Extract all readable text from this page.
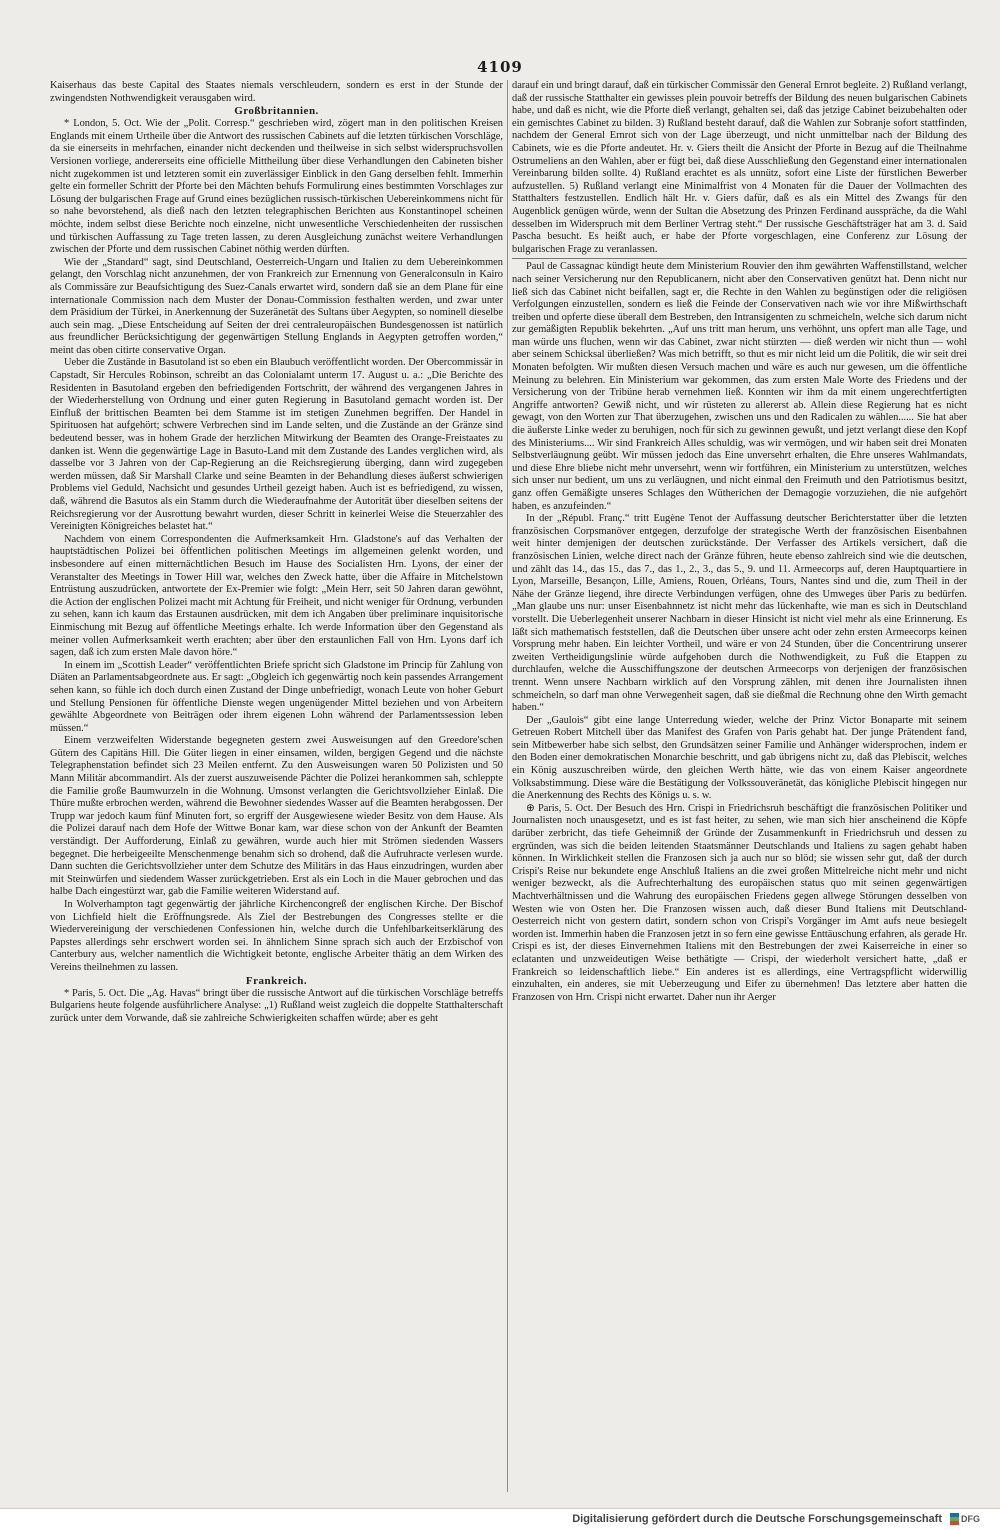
4109

Kaiserhaus das beste Capital des Staates niemals verschleudern, sondern es erst in der Stunde der zwingendsten Nothwendigkeit verausgaben wird.

Großbritannien.

* London, 5. Oct. Wie der „Polit. Corresp.“ geschrieben wird, zögert man in den politischen Kreisen Englands mit einem Urtheile über die Antwort des russischen Cabinets auf die letzten türkischen Vorschläge, da sie einerseits in mehrfachen, einander nicht deckenden und theilweise in sich selbst widerspruchsvollen Versionen vorliege, andererseits eine officielle Mittheilung über diese Verhandlungen den Cabineten bisher nicht zugekommen ist und letzteren somit ein zuverlässiger Einblick in den Gang derselben fehlt. Immerhin gelte ein formeller Schritt der Pforte bei den Mächten behufs Formulirung eines bestimmten Vorschlages zur Lösung der bulgarischen Frage auf Grund eines bezüglichen russisch-türkischen Uebereinkommens nicht für so nahe bevorstehend, als dieß nach den letzten telegraphischen Berichten aus Konstantinopel scheinen möchte, indem selbst diese Berichte noch einzelne, nicht unwesentliche Verschiedenheiten der russischen und türkischen Auffassung zu Tage treten lassen, zu deren Ausgleichung zunächst weitere Verhandlungen zwischen der Pforte und dem russischen Cabinet nöthig werden dürften.

Wie der „Standard“ sagt, sind Deutschland, Oesterreich-Ungarn und Italien zu dem Uebereinkommen gelangt, den Vorschlag nicht anzunehmen, der von Frankreich zur Ernennung von Generalconsuln in Kairo als Commissäre zur Beaufsichtigung des Suez-Canals erwartet wird, sondern daß sie an dem Plane für eine internationale Commission nach dem Muster der Donau-Commission festhalten werden, und zwar unter dem Präsidium der Türkei, in Anerkennung der Suzeränetät des Sultans über Aegypten, so nominell dieselbe auch sein mag. „Diese Entscheidung auf Seiten der drei centraleuropäischen Bundesgenossen ist natürlich aus freundlicher Berücksichtigung der gegenwärtigen Stellung Englands in Aegypten getroffen worden,“ meint das oben citirte conservative Organ.

Ueber die Zustände in Basutoland ist so eben ein Blaubuch veröffentlicht worden. Der Obercommissär in Capstadt, Sir Hercules Robinson, schreibt an das Colonialamt unterm 17. August u. a.: „Die Berichte des Residenten in Basutoland ergeben den befriedigenden Fortschritt, der während des vergangenen Jahres in der Wiederherstellung von Ordnung und einer guten Regierung in Basutoland gemacht worden ist. Der Einfluß der brittischen Beamten bei dem Stamme ist im stetigen Zunehmen begriffen. Der Handel in Spirituosen hat aufgehört; schwere Verbrechen sind im Lande selten, und die Zustände an der Gränze sind bedeutend besser, was in hohem Grade der herzlichen Mitwirkung der Beamten des Orange-Freistaates zu danken ist. Wenn die gegenwärtige Lage in Basuto-Land mit dem Zustande des Landes verglichen wird, als dasselbe vor 3 Jahren von der Cap-Regierung an die Reichsregierung überging, dann wird zugegeben werden müssen, daß Sir Marshall Clarke und seine Beamten in der Behandlung dieses äußerst schwierigen Problems viel Geduld, Nachsicht und gesundes Urtheil gezeigt haben. Auch ist es befriedigend, zu wissen, daß, während die Basutos als ein Stamm durch die Wiederaufnahme der Autorität über dieselben seitens der Reichsregierung vor der Ausrottung bewahrt wurden, dieser Schritt in keinerlei Weise die Steuerzahler des Vereinigten Königreiches belastet hat.“

Nachdem von einem Correspondenten die Aufmerksamkeit Hrn. Gladstone's auf das Verhalten der hauptstädtischen Polizei bei öffentlichen politischen Meetings im allgemeinen gelenkt worden, und insbesondere auf einen mitternächtlichen Besuch im Hause des Socialisten Hrn. Lyons, der einer der Veranstalter des Meetings in Tower Hill war, welches den Zweck hatte, über die Affaire in Mitchelstown Entrüstung auszudrücken, antwortete der Ex-Premier wie folgt: „Mein Herr, seit 50 Jahren daran gewöhnt, die Action der englischen Polizei macht mit Achtung für Freiheit, und nicht weniger für Ordnung, verbunden zu sehen, kann ich kaum das Erstaunen ausdrücken, mit dem ich Angaben über preliminare inquisitorische Einmischung mit Bezug auf öffentliche Meetings erhalte. Ich werde Information über den Gegenstand als meiner vollen Aufmerksamkeit werth erachten; aber über den erstaunlichen Fall von Hrn. Lyons darf ich sagen, daß ich zum ersten Male davon höre.“

In einem im „Scottish Leader“ veröffentlichten Briefe spricht sich Gladstone im Princip für Zahlung von Diäten an Parlamentsabgeordnete aus. Er sagt: „Obgleich ich gegenwärtig noch kein passendes Arrangement sehen kann, so fühle ich doch durch einen Zustand der Dinge unbefriedigt, wonach Leute von hoher Geburt und Stellung Pensionen für öffentliche Dienste wegen ungenügender Mittel beziehen und von Arbeitern gewählte Abgeordnete von Beiträgen oder ihrem eigenen Lohn während der Parlamentssession leben müssen.“

Einem verzweifelten Widerstande begegneten gestern zwei Ausweisungen auf den Greedore'schen Gütern des Capitäns Hill. Die Güter liegen in einer einsamen, wilden, bergigen Gegend und die nächste Telegraphenstation befindet sich 23 Meilen entfernt. Zu den Ausweisungen waren 50 Polizisten und 50 Mann Militär abcommandirt. Als der zuerst auszuweisende Pächter die Polizei herankommen sah, schleppte die Familie große Baumwurzeln in die Wohnung. Umsonst verlangten die Gerichtsvollzieher Einlaß. Die Thüre mußte erbrochen werden, während die Bewohner siedendes Wasser auf die Beamten herabgossen. Der Trupp war jedoch kaum fünf Minuten fort, so ergriff der Ausgewiesene wieder Besitz von dem Hause. Als die Polizei darauf nach dem Hofe der Wittwe Bonar kam, war diese schon von der Ankunft der Beamten verständigt. Der Aufforderung, Einlaß zu gewähren, wurde auch hier mit Strömen siedenden Wassers begegnet. Die herbeigeeilte Menschenmenge benahm sich so drohend, daß die Aufruhracte verlesen wurde. Dann suchten die Gerichtsvollzieher unter dem Schutze des Militärs in das Haus einzudringen, wurden aber mit Steinwürfen und siedendem Wasser zurückgetrieben. Erst als ein Loch in die Mauer gebrochen und das halbe Dach eingestürzt war, gab die Familie weiteren Widerstand auf.

In Wolverhampton tagt gegenwärtig der jährliche Kirchencongreß der englischen Kirche. Der Bischof von Lichfield hielt die Eröffnungsrede. Als Ziel der Bestrebungen des Congresses stellte er die Wiedervereinigung der verschiedenen Confessionen hin, welche durch die Unfehlbarkeitserklärung des Papstes allerdings sehr erschwert worden sei. In ähnlichem Sinne sprach sich auch der Erzbischof von Canterbury aus, welcher namentlich die Wichtigkeit betonte, englische Arbeiter thätig an dem Wirken des Vereins theilnehmen zu lassen.

Frankreich.

* Paris, 5. Oct. Die „Ag. Havas“ bringt über die russische Antwort auf die türkischen Vorschläge betreffs Bulgariens heute folgende ausführlichere Analyse: „1) Rußland weist zugleich die doppelte Statthalterschaft zurück unter dem Vorwande, daß sie zahlreiche Schwierigkeiten schaffen würde; aber es geht

darauf ein und bringt darauf, daß ein türkischer Commissär den General Ernrot begleite. 2) Rußland verlangt, daß der russische Statthalter ein gewisses plein pouvoir betreffs der Bildung des neuen bulgarischen Cabinets habe, und daß es nicht, wie die Pforte dieß verlangt, gehalten sei, daß das jetzige Cabinet beizubehalten oder ein gemischtes Cabinet zu bilden. 3) Rußland besteht darauf, daß die Wahlen zur Sobranje sofort stattfinden, nachdem der General Ernrot sich von der Lage überzeugt, und nicht unmittelbar nach der Bildung des Cabinets, wie es die Pforte andeutet. Hr. v. Giers theilt die Ansicht der Pforte in Bezug auf die Theilnahme Ostrumeliens an den Wahlen, aber er fügt bei, daß diese Ausschließung den Gegenstand einer internationalen Vereinbarung bilden sollte. 4) Rußland erachtet es als unnütz, sofort eine Liste der fürstlichen Bewerber aufzustellen. 5) Rußland verlangt eine Minimalfrist von 4 Monaten für die Dauer der Vollmachten des Statthalters festzustellen. Endlich hält Hr. v. Giers dafür, daß es als ein Mittel des Zwangs für den Augenblick genügen würde, wenn der Sultan die Absetzung des Prinzen Ferdinand ausspräche, da die Wahl desselben im Widerspruch mit dem Berliner Vertrag steht.“ Der russische Geschäftsträger hat am 3. d. Said Pascha besucht. Es heißt auch, er habe der Pforte vorgeschlagen, eine Conferenz zur Lösung der bulgarischen Frage zu veranlassen.

Paul de Cassagnac kündigt heute dem Ministerium Rouvier den ihm gewährten Waffenstillstand, welcher nach seiner Versicherung nur den Republicanern, nicht aber den Conservativen genützt hat. Denn nicht nur ließ sich das Cabinet nicht beifallen, sagt er, die Rechte in den Wahlen zu begünstigen oder die religiösen Verfolgungen einzustellen, sondern es ließ die Feinde der Conservativen nach wie vor ihre Mißwirthschaft treiben und opferte diese überall dem Bestreben, den Intransigenten zu schmeicheln, welche sich darum nicht zur gemäßigten Republik bekehrten. „Auf uns tritt man herum, uns verhöhnt, uns opfert man alle Tage, und man würde uns fluchen, wenn wir das Cabinet, zwar nicht stürzten — dieß werden wir nicht thun — wohl aber seinem Schicksal überließen? Was mich betrifft, so thut es mir nicht leid um die Politik, die wir seit drei Monaten befolgten. Wir mußten diesen Versuch machen und wäre es auch nur gewesen, um die öffentliche Meinung zu belehren. Ein Ministerium war gekommen, das zum ersten Male Worte des Friedens und der Versicherung von der Tribüne herab vernehmen ließ. Konnten wir ihm da mit einem ungerechtfertigten Angriffe antworten? Gewiß nicht, und wir rüsteten zu allererst ab. Allein diese Regierung hat es nicht gewagt, von den Worten zur That überzugehen, zwischen uns und den Radicalen zu wählen...... Sie hat aber die äußerste Linke weder zu beruhigen, noch für sich zu gewinnen gewußt, und jetzt verlangt diese den Kopf des Ministeriums.... Wir sind Frankreich Alles schuldig, was wir vermögen, und wir haben seit drei Monaten Selbstverläugnung geübt. Wir müssen jedoch das Eine unversehrt erhalten, die Ehre unseres Wahlmandats, und diese Ehre bliebe nicht mehr unversehrt, wenn wir fortführen, ein Ministerium zu unterstützen, welches sich unser nur bedient, um uns zu verläugnen, und nicht einmal den Freimuth und den Patriotismus besitzt, ganz offen Gemäßigte unseres Schlages den Wütherichen der Demagogie vorzuziehen, die nie aufgehört haben, es anzufeinden.“

In der „Républ. Franç.“ tritt Eugène Tenot der Auffassung deutscher Berichterstatter über die letzten französischen Corpsmanöver entgegen, derzufolge der strategische Werth der französischen Eisenbahnen weit hinter demjenigen der deutschen zurückstände. Der Verfasser des Artikels versichert, daß die französischen Linien, welche direct nach der Gränze führen, heute ebenso zahlreich sind wie die deutschen, und zählt das 14., das 15., das 7., das 1., 2., 3., das 5., 9. und 11. Armeecorps auf, deren Hauptquartiere in Lyon, Marseille, Besançon, Lille, Amiens, Rouen, Orléans, Tours, Nantes sind und die, zum Theil in der Nähe der Gränze liegend, ihre directe Verbindungen verfügen, ohne des Umweges über Paris zu bedürfen. „Man glaube uns nur: unser Eisenbahnnetz ist nicht mehr das lückenhafte, wie man es sich in Deutschland vorstellt. Die Ueberlegenheit unserer Nachbarn in dieser Hinsicht ist nicht viel mehr als eine Erinnerung. Es läßt sich mathematisch feststellen, daß die Deutschen über unsere acht oder zehn ersten Armeecorps keinen Vorsprung mehr haben. Ein leichter Vortheil, und wäre er von 24 Stunden, über die Concentrirung unserer zweiten Vertheidigungslinie würde aufgehoben durch die Nothwendigkeit, zu Fuß die Etappen zu durchlaufen, welche die Ausschiffungszone der deutschen Armeecorps von derjenigen der französischen trennt. Wenn unsere Nachbarn wirklich auf den Vorsprung zählen, mit denen ihre Journalisten ihnen schmeicheln, so darf man ohne Verwegenheit sagen, daß sie dießmal die Rechnung ohne den Wirth gemacht haben.“

Der „Gaulois“ gibt eine lange Unterredung wieder, welche der Prinz Victor Bonaparte mit seinem Getreuen Robert Mitchell über das Manifest des Grafen von Paris gehabt hat. Der junge Prätendent fand, sein Mitbewerber habe sich selbst, den Grundsätzen seiner Familie und Anhänger widersprochen, indem er den Boden einer demokratischen Monarchie beschritt, und gab übrigens nicht zu, daß das Plebiscit, welches ein König auszuschreiben würde, den gleichen Werth hätte, wie das von einem Kaiser angeordnete Volksabstimmung. Diese wäre die Bestätigung der Volkssouveränetät, das königliche Plebiscit hingegen nur die Anerkennung des Rechts des Königs u. s. w.

⊕ Paris, 5. Oct. Der Besuch des Hrn. Crispi in Friedrichsruh beschäftigt die französischen Politiker und Journalisten noch unausgesetzt, und es ist fast heiter, zu sehen, wie man sich hier anscheinend die Köpfe darüber zerbricht, das tiefe Geheimniß der Gründe der Zusammenkunft in Friedrichsruh und dessen zu ergründen, was sich die beiden leitenden Staatsmänner Deutschlands und Italiens zu sagen gehabt haben können. In Wirklichkeit stellen die Franzosen sich ja auch nur so blöd; sie wissen sehr gut, daß der durch Crispi's Reise nur bekundete enge Anschluß Italiens an die zwei großen Mittelreiche nicht mehr und nicht weniger bezweckt, als die Aufrechterhaltung des europäischen status quo mit seinen gegenwärtigen Machtverhältnissen und die Wahrung des europäischen Friedens gegen allwege Störungen desselben von Westen wie von Osten her. Die Franzosen wissen auch, daß dieser Bund Italiens mit Deutschland-Oesterreich nicht von gestern datirt, sondern schon von Crispi's Vorgänger im Amt aufs neue besiegelt worden ist. Immerhin haben die Franzosen jetzt in so fern eine gewisse Enttäuschung erfahren, als gerade Hr. Crispi es ist, der dieses Einvernehmen Italiens mit den Bestrebungen der zwei Kaiserreiche in einer so eclatanten und unzweideutigen Weise bethätigte — Crispi, der wiederholt versichert hatte, „daß er Frankreich so leidenschaftlich liebe.“ Ein anderes ist es allerdings, eine Vertragspflicht widerwillig einzuhalten, ein anderes, sie mit Ueberzeugung und Eifer zu übernehmen! Das letztere aber hatten die Franzosen von Hrn. Crispi nicht erwartet. Daher nun ihr Aerger

Digitalisierung gefördert durch die Deutsche Forschungsgemeinschaft DFG
